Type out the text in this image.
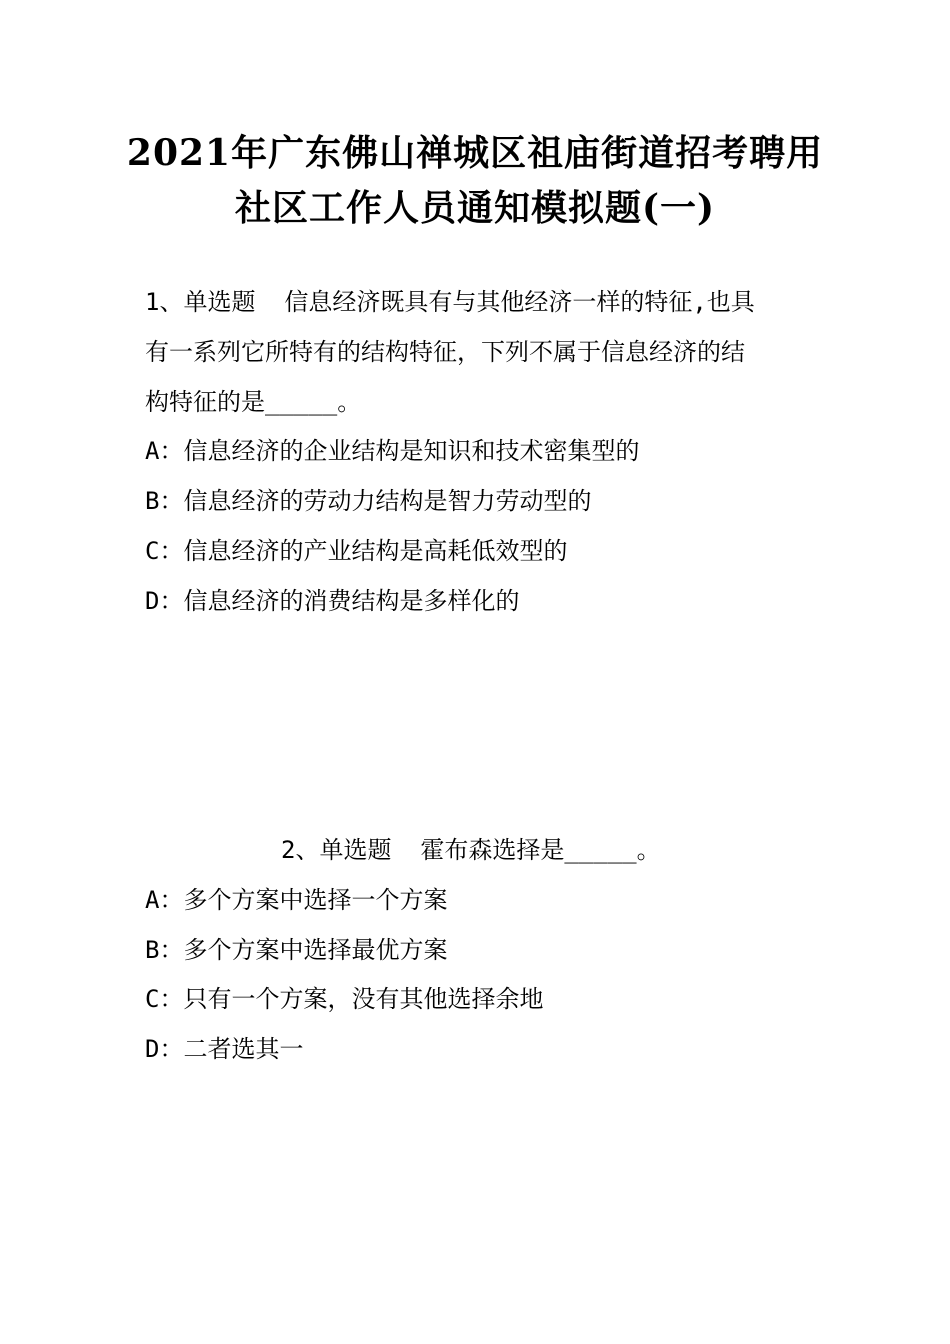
2021年广东佛山禅城区祖庙街道招考聘用
社区工作人员通知模拟题(一)

1、单选题  信息经济既具有与其他经济一样的特征,也具

有一系列它所特有的结构特征，下列不属于信息经济的结

构特征的是_____。

A：信息经济的企业结构是知识和技术密集型的

B：信息经济的劳动力结构是智力劳动型的

C：信息经济的产业结构是高耗低效型的

D：信息经济的消费结构是多样化的

2、单选题  霍布森选择是_____。

A：多个方案中选择一个方案

B：多个方案中选择最优方案

C：只有一个方案，没有其他选择余地

D：二者选其一
